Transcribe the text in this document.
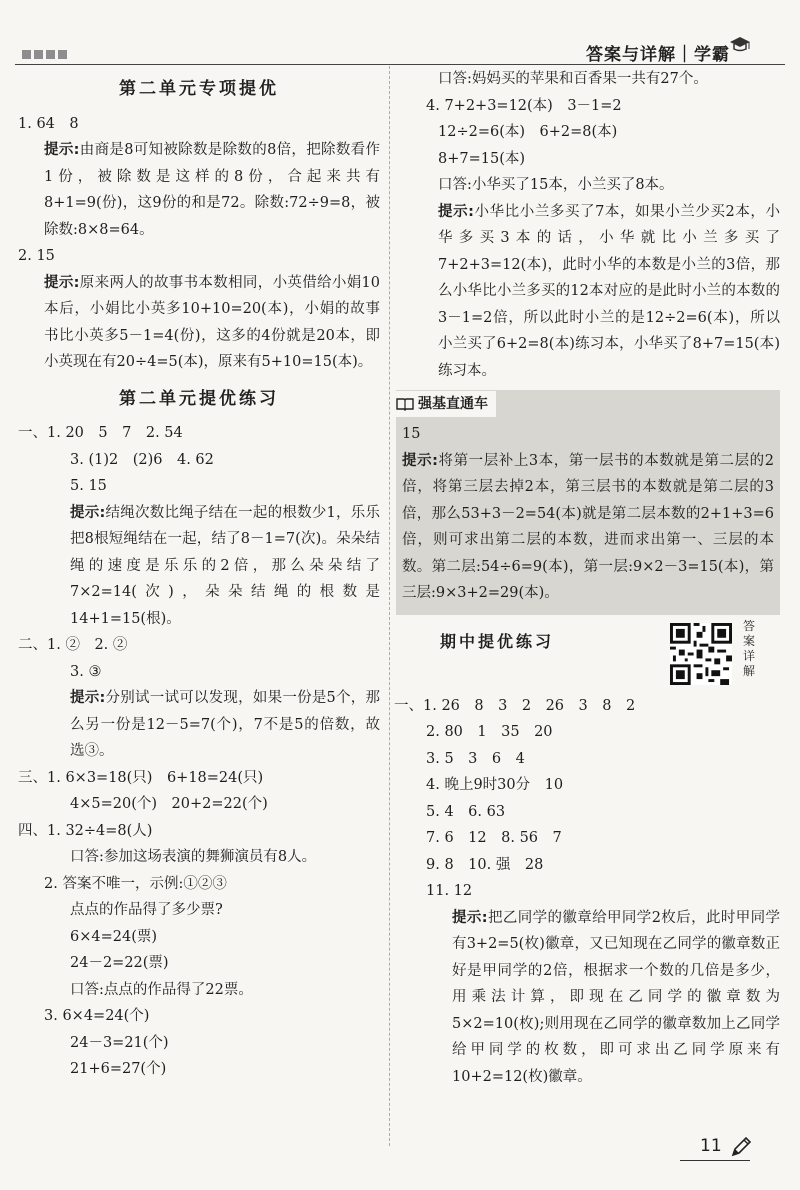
答案与详解｜学霸
第二单元专项提优

1. 64　8

提示:由商是8可知被除数是除数的8倍，把除数看作1份，被除数是这样的8份，合起来共有8+1=9(份)，这9份的和是72。除数:72÷9=8，被除数:8×8=64。

2. 15

提示:原来两人的故事书本数相同，小英借给小娟10本后，小娟比小英多10+10=20(本)，小娟的故事书比小英多5－1=4(份)，这多的4份就是20本，即小英现在有20÷4=5(本)，原来有5+10=15(本)。

第二单元提优练习

一、1. 20　5　7　2. 54

3. (1)2　(2)6　4. 62

5. 15

提示:结绳次数比绳子结在一起的根数少1，乐乐把8根短绳结在一起，结了8－1=7(次)。朵朵结绳的速度是乐乐的2倍，那么朵朵结了7×2=14(次)，朵朵结绳的根数是14+1=15(根)。

二、1. ②　2. ②

3. ③

提示:分别试一试可以发现，如果一份是5个，那么另一份是12－5=7(个)，7不是5的倍数，故选③。

三、1. 6×3=18(只)　6+18=24(只)

4×5=20(个)　20+2=22(个)

四、1. 32÷4=8(人)

口答:参加这场表演的舞狮演员有8人。

2. 答案不唯一，示例:①②③

点点的作品得了多少票?

6×4=24(票)

24－2=22(票)

口答:点点的作品得了22票。

3. 6×4=24(个)

24－3=21(个)

21+6=27(个)

口答:妈妈买的苹果和百香果一共有27个。

4. 7+2+3=12(本)　3－1=2

12÷2=6(本)　6+2=8(本)

8+7=15(本)

口答:小华买了15本，小兰买了8本。

提示:小华比小兰多买了7本，如果小兰少买2本，小华多买3本的话，小华就比小兰多买了7+2+3=12(本)，此时小华的本数是小兰的3倍，那么小华比小兰多买的12本对应的是此时小兰的本数的3－1=2倍，所以此时小兰的是12÷2=6(本)，所以小兰买了6+2=8(本)练习本，小华买了8+7=15(本)练习本。

强基直通车

15

提示:将第一层补上3本，第一层书的本数就是第二层的2倍，将第三层去掉2本，第三层书的本数就是第二层的3倍，那么53+3－2=54(本)就是第二层本数的2+1+3=6倍，则可求出第二层的本数，进而求出第一、三层的本数。第二层:54÷6=9(本)，第一层:9×2－3=15(本)，第三层:9×3+2=29(本)。

期中提优练习
答案详解

一、1. 26　8　3　2　26　3　8　2

2. 80　1　35　20

3. 5　3　6　4

4. 晚上9时30分　10

5. 4　6. 63

7. 6　12　8. 56　7

9. 8　10. 强　28

11. 12

提示:把乙同学的徽章给甲同学2枚后，此时甲同学有3+2=5(枚)徽章，又已知现在乙同学的徽章数正好是甲同学的2倍，根据求一个数的几倍是多少，用乘法计算，即现在乙同学的徽章数为5×2=10(枚);则用现在乙同学的徽章数加上乙同学给甲同学的枚数，即可求出乙同学原来有10+2=12(枚)徽章。

11
